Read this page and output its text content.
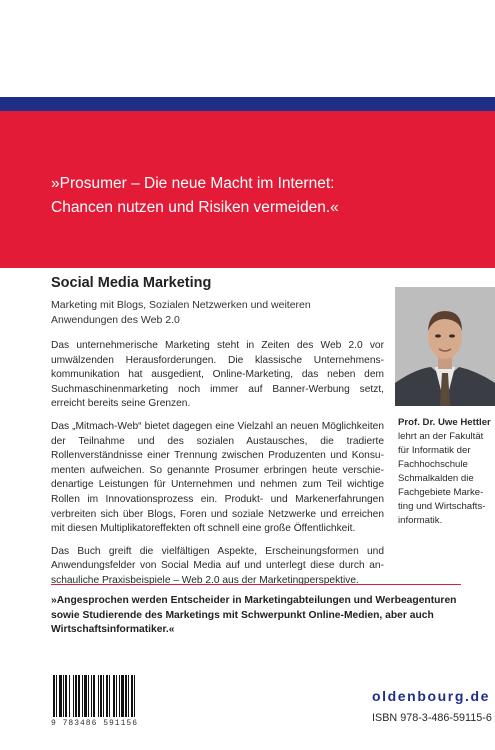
»Prosumer – Die neue Macht im Internet:
Chancen nutzen und Risiken vermeiden.«
Social Media Marketing
Marketing mit Blogs, Sozialen Netzwerken und weiteren Anwendungen des Web 2.0

Das unternehmerische Marketing steht in Zeiten des Web 2.0 vor umwälzenden Herausforderungen. Die klassische Unternehmenskommunikation hat ausgedient, Online-Marketing, das neben dem Suchmaschinenmarketing noch immer auf Banner-Werbung setzt, erreicht bereits seine Grenzen.

Das „Mitmach-Web“ bietet dagegen eine Vielzahl an neuen Möglichkeiten der Teilnahme und des sozialen Austausches, die tradierte Rollenverständnisse einer Trennung zwischen Produzenten und Konsumenten aufweichen. So genannte Prosumer erbringen heute verschiedenartige Leistungen für Unternehmen und nehmen zum Teil wichtige Rollen im Innovationsprozess ein. Produkt- und Markenerfahrungen verbreiten sich über Blogs, Foren und soziale Netzwerke und erreichen mit diesen Multiplikatoreffekten oft schnell eine große Öffentlichkeit.

Das Buch greift die vielfältigen Aspekte, Erscheinungsformen und Anwendungsfelder von Social Media auf und unterlegt diese durch anschauliche Praxisbeispiele – Web 2.0 aus der Marketingperspektive.

Prof. Dr. Uwe Hettler
lehrt an der Fakultät für Informatik der Fachhochschule Schmalkalden die Fachgebiete Marketing und Wirtschaftsinformatik.
»Angesprochen werden Entscheider in Marketingabteilungen und Werbeagenturen sowie Studierende des Marketings mit Schwerpunkt Online-Medien, aber auch Wirtschaftsinformatiker.«
9 783486 591156
oldenbourg.de
ISBN 978-3-486-59115-6
